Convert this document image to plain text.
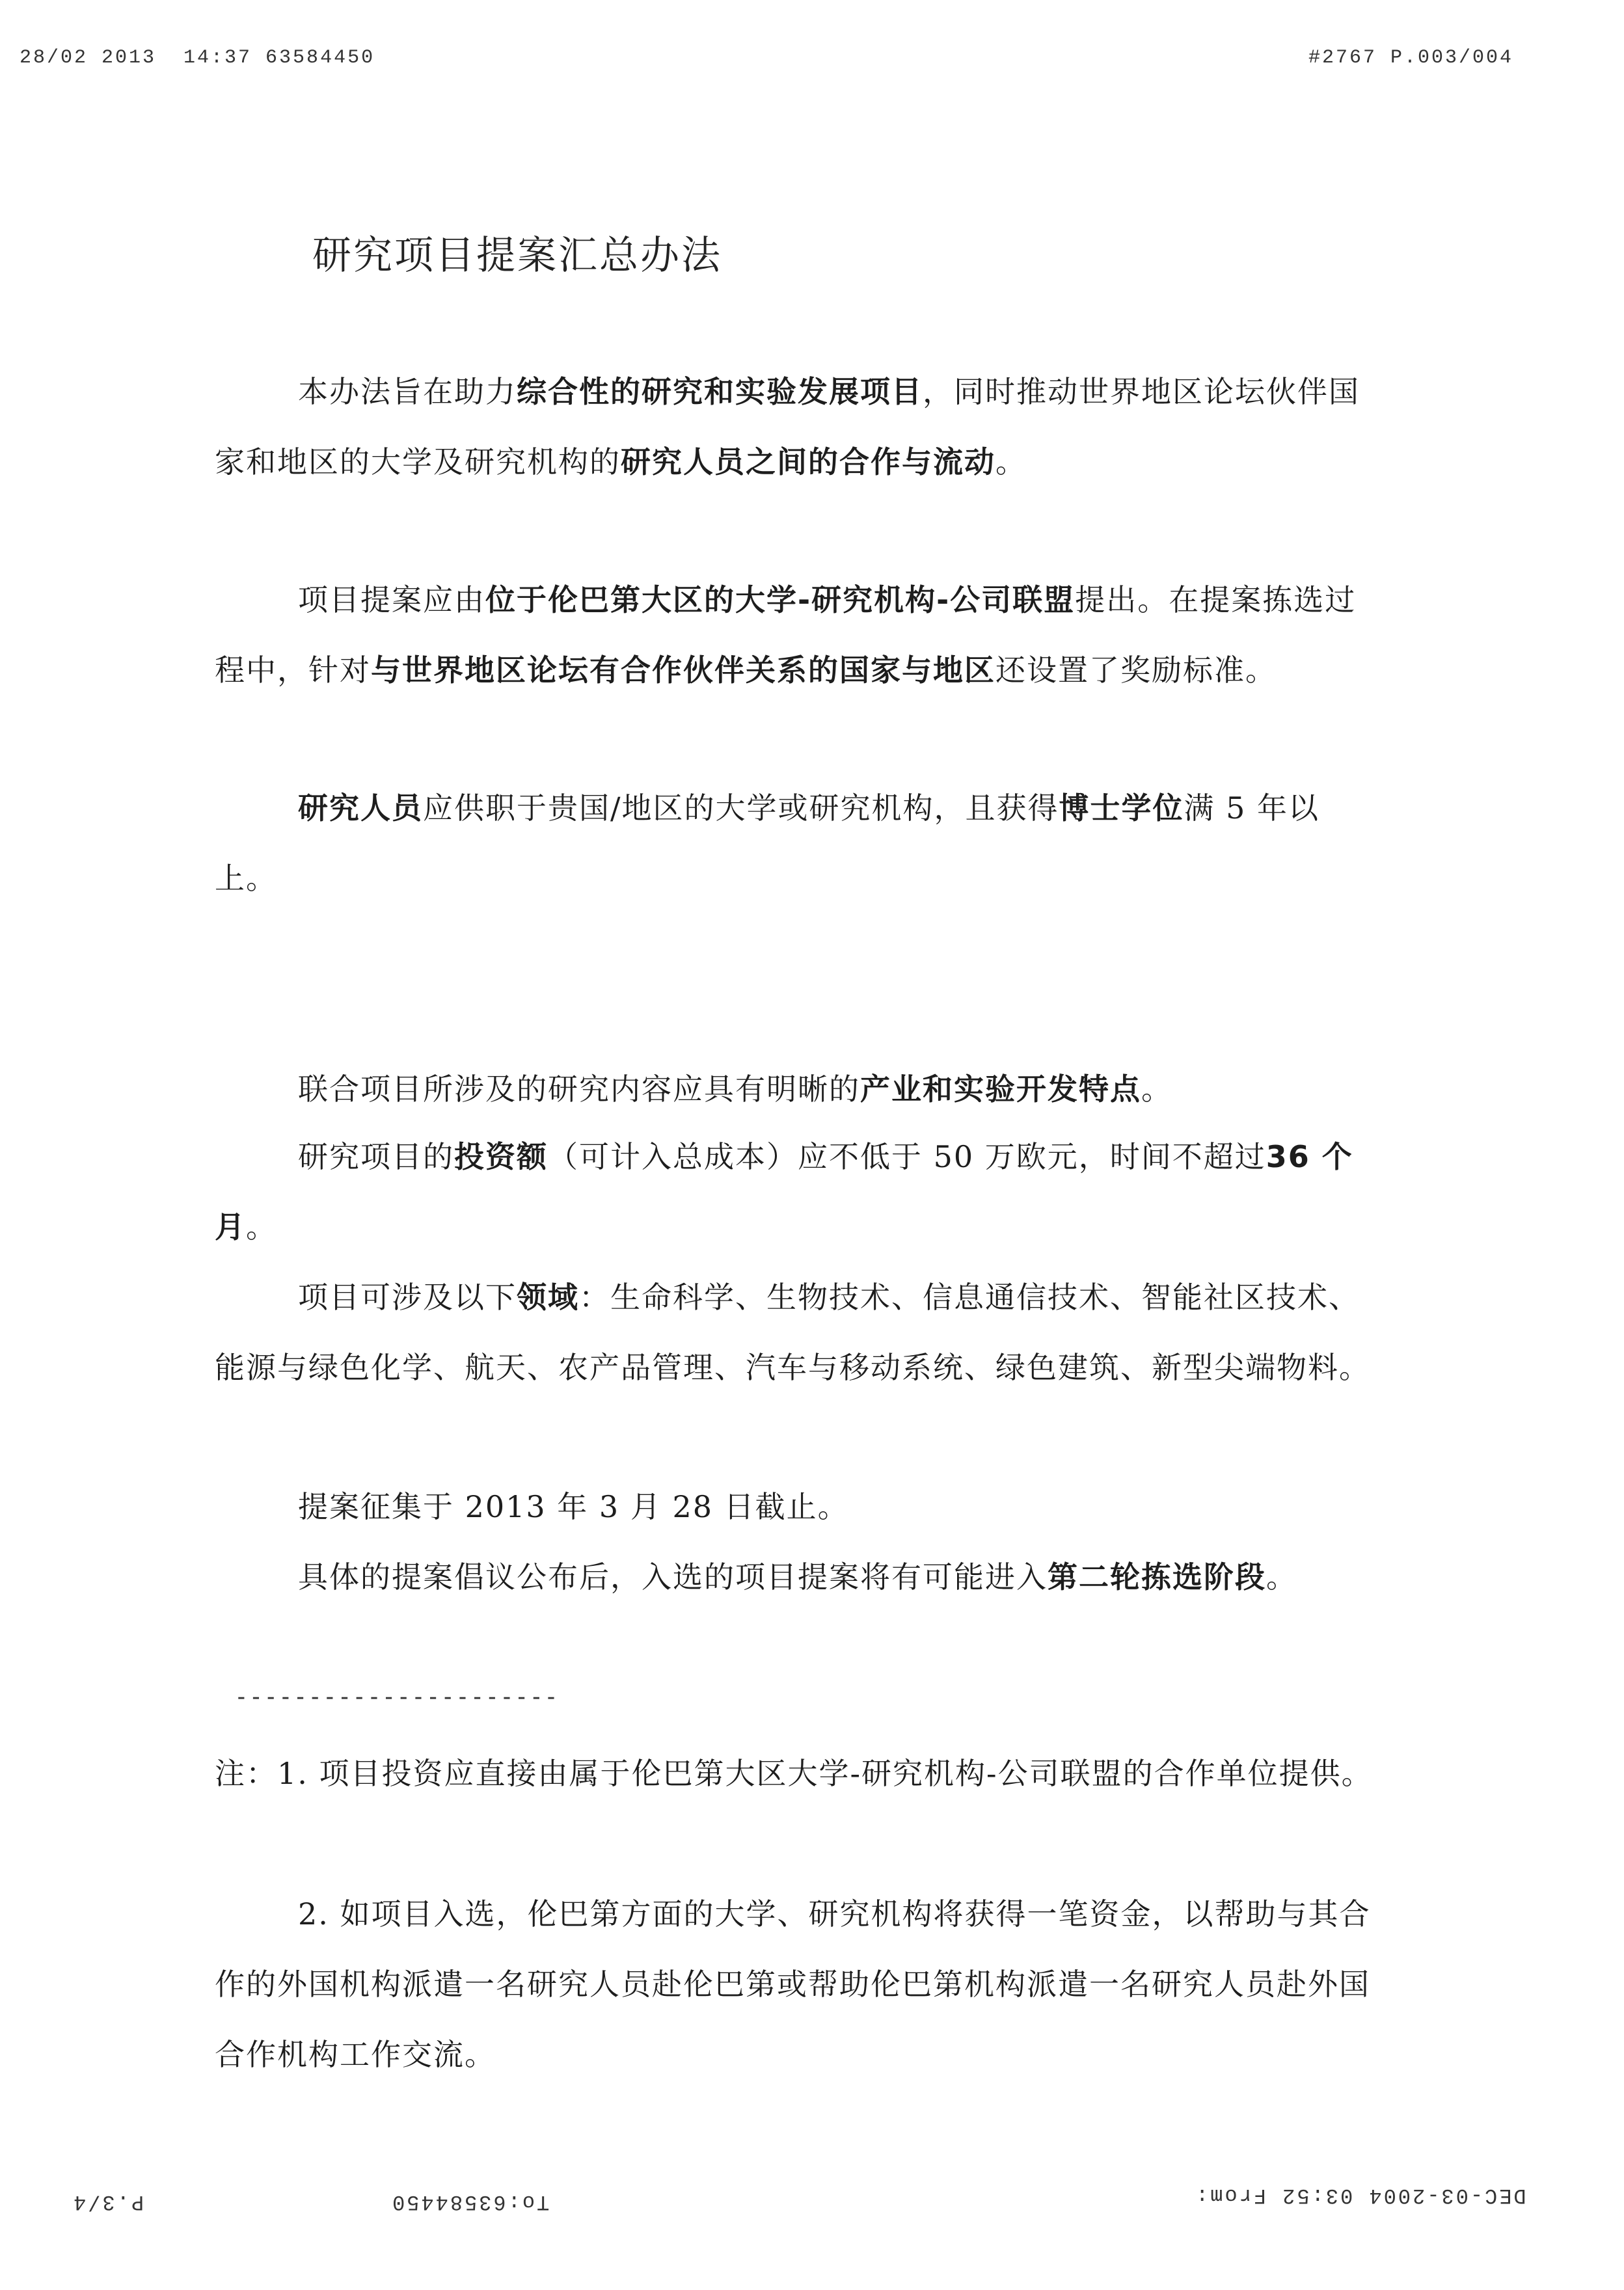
28/02 2013  14:37 63584450	#2767 P.003/004
研究项目提案汇总办法
本办法旨在助力综合性的研究和实验发展项目，同时推动世界地区论坛伙伴国家和地区的大学及研究机构的研究人员之间的合作与流动。
项目提案应由位于伦巴第大区的大学-研究机构-公司联盟提出。在提案拣选过程中，针对与世界地区论坛有合作伙伴关系的国家与地区还设置了奖励标准。
研究人员应供职于贵国/地区的大学或研究机构，且获得博士学位满 5 年以上。
联合项目所涉及的研究内容应具有明晰的产业和实验开发特点。
研究项目的投资额（可计入总成本）应不低于 50 万欧元，时间不超过36 个月。
项目可涉及以下领域：生命科学、生物技术、信息通信技术、智能社区技术、能源与绿色化学、航天、农产品管理、汽车与移动系统、绿色建筑、新型尖端物料。
提案征集于 2013 年 3 月 28 日截止。
具体的提案倡议公布后，入选的项目提案将有可能进入第二轮拣选阶段。
----------------------
注：1. 项目投资应直接由属于伦巴第大区大学-研究机构-公司联盟的合作单位提供。
2. 如项目入选，伦巴第方面的大学、研究机构将获得一笔资金，以帮助与其合作的外国机构派遣一名研究人员赴伦巴第或帮助伦巴第机构派遣一名研究人员赴外国合作机构工作交流。
DEC-03-2004 03:52 From:
To:63584450
P.3/4
